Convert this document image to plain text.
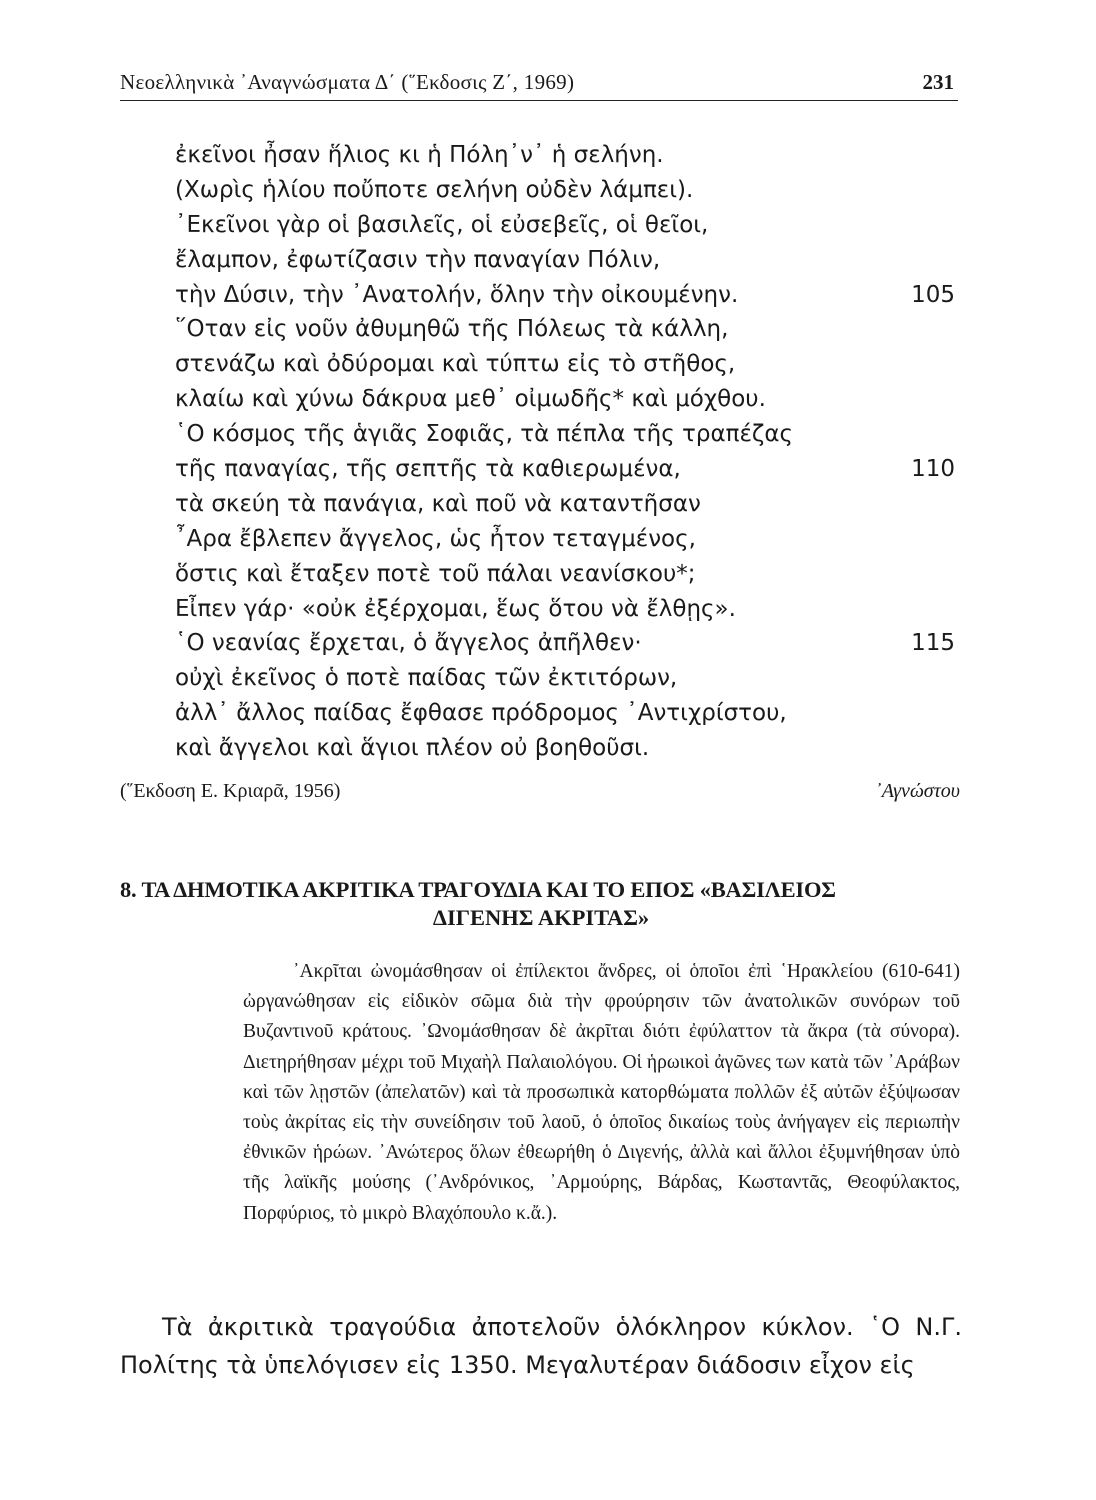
Νεοελληνικὰ ᾿Αναγνώσματα Δ΄ (῞Εκδοσις Ζ΄, 1969)	231
ἐκεῖνοι ἦσαν ἥλιος κι ἡ Πόλη᾿ν᾿ ἡ σελήνη.
(Χωρὶς ἡλίου ποὔποτε σελήνη οὐδὲν λάμπει).
᾿Εκεῖνοι γὰρ οἱ βασιλεῖς, οἱ εὐσεβεῖς, οἱ θεῖοι,
ἔλαμπον, ἐφωτίζασιν τὴν παναγίαν Πόλιν,
τὴν Δύσιν, τὴν ᾿Ανατολήν, ὅλην τὴν οἰκουμένην.	105
῞Οταν εἰς νοῦν ἀθυμηθῶ τῆς Πόλεως τὰ κάλλη,
στενάζω καὶ ὀδύρομαι καὶ τύπτω εἰς τὸ στῆθος,
κλαίω καὶ χύνω δάκρυα μεθ᾿ οἰμωδῆς* καὶ μόχθου.
῾Ο κόσμος τῆς ἁγιᾶς Σοφιᾶς, τὰ πέπλα τῆς τραπέζας
τῆς παναγίας, τῆς σεπτῆς τὰ καθιερωμένα,	110
τὰ σκεύη τὰ πανάγια, καὶ ποῦ νὰ καταντῆσαν
῏Αρα ἔβλεπεν ἄγγελος, ὡς ἦτον τεταγμένος,
ὅστις καὶ ἔταξεν ποτὲ τοῦ πάλαι νεανίσκου*;
Εἶπεν γάρ· «οὐκ ἐξέρχομαι, ἕως ὅτου νὰ ἔλθῃς».
῾Ο νεανίας ἔρχεται, ὁ ἄγγελος ἀπῆλθεν·	115
οὐχὶ ἐκεῖνος ὁ ποτὲ παίδας τῶν ἐκτιτόρων,
ἀλλ᾿ ἄλλος παίδας ἔφθασε πρόδρομος ᾿Αντιχρίστου,
καὶ ἄγγελοι καὶ ἅγιοι πλέον οὐ βοηθοῦσι.
(῞Εκδοση Ε. Κριαρᾶ, 1956)	᾿Αγνώστου
8. ΤΑ ΔΗΜΟΤΙΚΑ ΑΚΡΙΤΙΚΑ ΤΡΑΓΟΥΔΙΑ ΚΑΙ ΤΟ ΕΠΟΣ «ΒΑΣΙΛΕΙΟΣ
ΔΙΓΕΝΗΣ ΑΚΡΙΤΑΣ»
᾿Ακρῖται ὠνομάσθησαν οἱ ἐπίλεκτοι ἄνδρες, οἱ ὁποῖοι ἐπὶ ῾Ηρακλείου (610-641) ὠργανώθησαν εἰς εἰδικὸν σῶμα διὰ τὴν φρούρησιν τῶν ἀνατολικῶν συνόρων τοῦ Βυζαντινοῦ κράτους. ᾿Ωνομάσθησαν δὲ ἀκρῖται διότι ἐφύλαττον τὰ ἄκρα (τὰ σύνορα). Διετηρήθησαν μέχρι τοῦ Μιχαὴλ Παλαιολόγου. Οἱ ἡρωικοὶ ἀγῶνες των κατὰ τῶν ᾿Αράβων καὶ τῶν λῃστῶν (ἀπελατῶν) καὶ τὰ προσωπικὰ κατορθώματα πολλῶν ἐξ αὐτῶν ἐξύψωσαν τοὺς ἀκρίτας εἰς τὴν συνείδησιν τοῦ λαοῦ, ὁ ὁποῖος δικαίως τοὺς ἀνήγαγεν εἰς περιωπὴν ἐθνικῶν ἡρώων. ᾿Ανώτερος ὅλων ἐθεωρήθη ὁ Διγενής, ἀλλὰ καὶ ἄλλοι ἐξυμνήθησαν ὑπὸ τῆς λαϊκῆς μούσης (᾿Ανδρόνικος, ᾿Αρμούρης, Βάρδας, Κωσταντᾶς, Θεοφύλακτος, Πορφύριος, τὸ μικρὸ Βλαχόπουλο κ.ἄ.).
Τὰ ἀκριτικὰ τραγούδια ἀποτελοῦν ὁλόκληρον κύκλον. ῾Ο Ν.Γ. Πολίτης τὰ ὑπελόγισεν εἰς 1350. Μεγαλυτέραν διάδοσιν εἶχον εἰς
